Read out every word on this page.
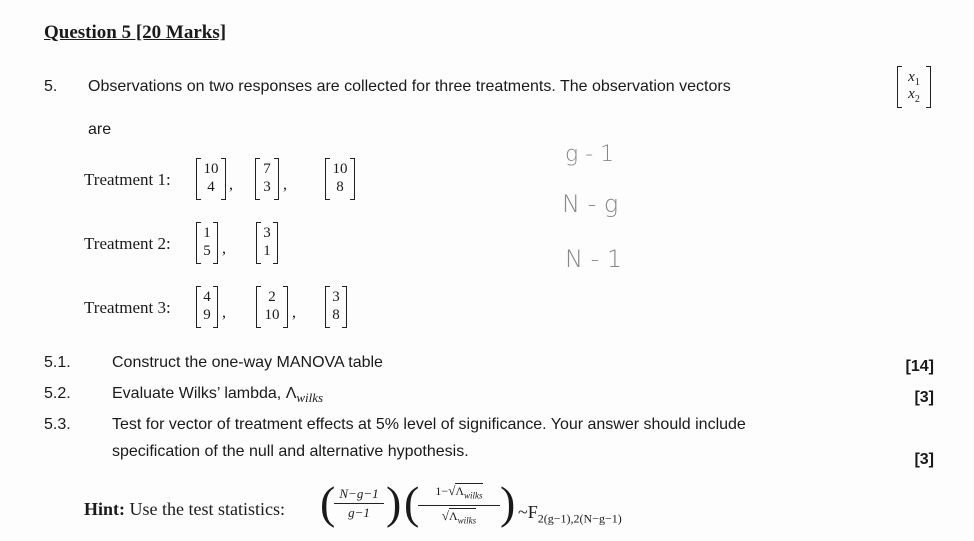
Question 5 [20 Marks]
5. Observations on two responses are collected for three treatments. The observation vectors
are
$x_1$
$x_2$
Treatment 1:
10
4 ,
7
3 ,
10
8
Treatment 2:
1
5 ,
3
1
Treatment 3:
4
9 ,
2
10 ,
3
8
g - 1
N - g
N - 1
5.1.	Construct the one-way MANOVA table	[14]
5.2.	Evaluate Wilks’ lambda, $\Lambda_{wilks}$	[3]
5.3.	Test for vector of treatment effects at 5% level of significance. Your answer should include
specification of the null and alternative hypothesis.	[3]
Hint: Use the test statistics: ( N−g−1
g−1 ) (	$1-√\Lambda_{wilks}$
$√\Lambda_{wilks}$ ) $\sim F_{2(g-1),2(N-g-1)}$
